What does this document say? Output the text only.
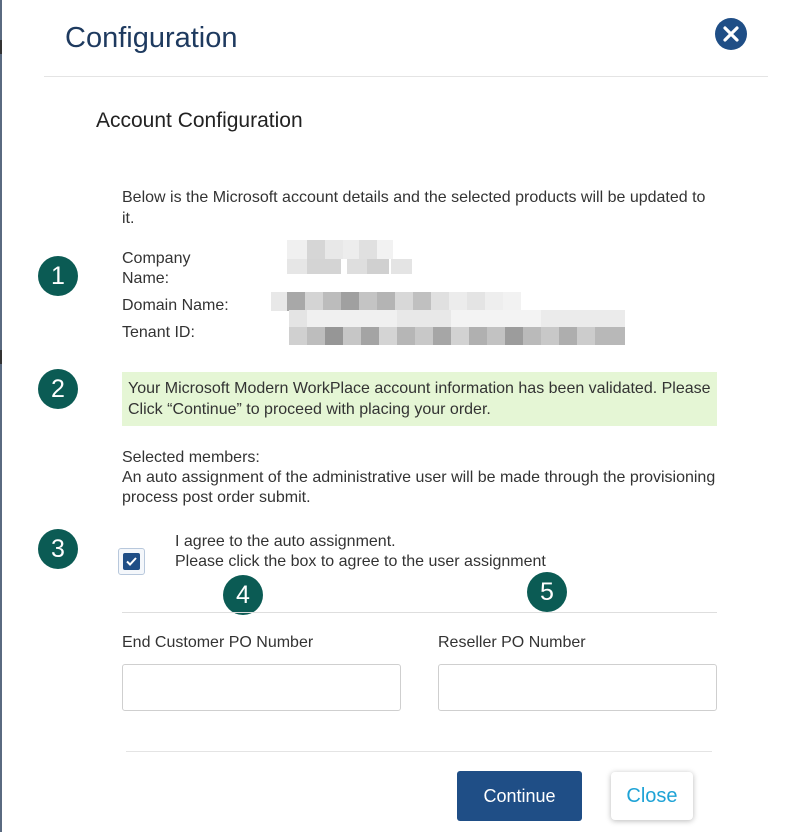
Configuration
Account Configuration
Below is the Microsoft account details and the selected products will be updated to it.
1
2
3
4	5
Company Name:
Domain Name:
Tenant ID:
Your Microsoft Modern WorkPlace account information has been validated. Please Click “Continue” to proceed with placing your order.
Selected members:
An auto assignment of the administrative user will be made through the provisioning process post order submit.
I agree to the auto assignment.
Please click the box to agree to the user assignment
End Customer PO Number	Reseller PO Number
Continue	Close
